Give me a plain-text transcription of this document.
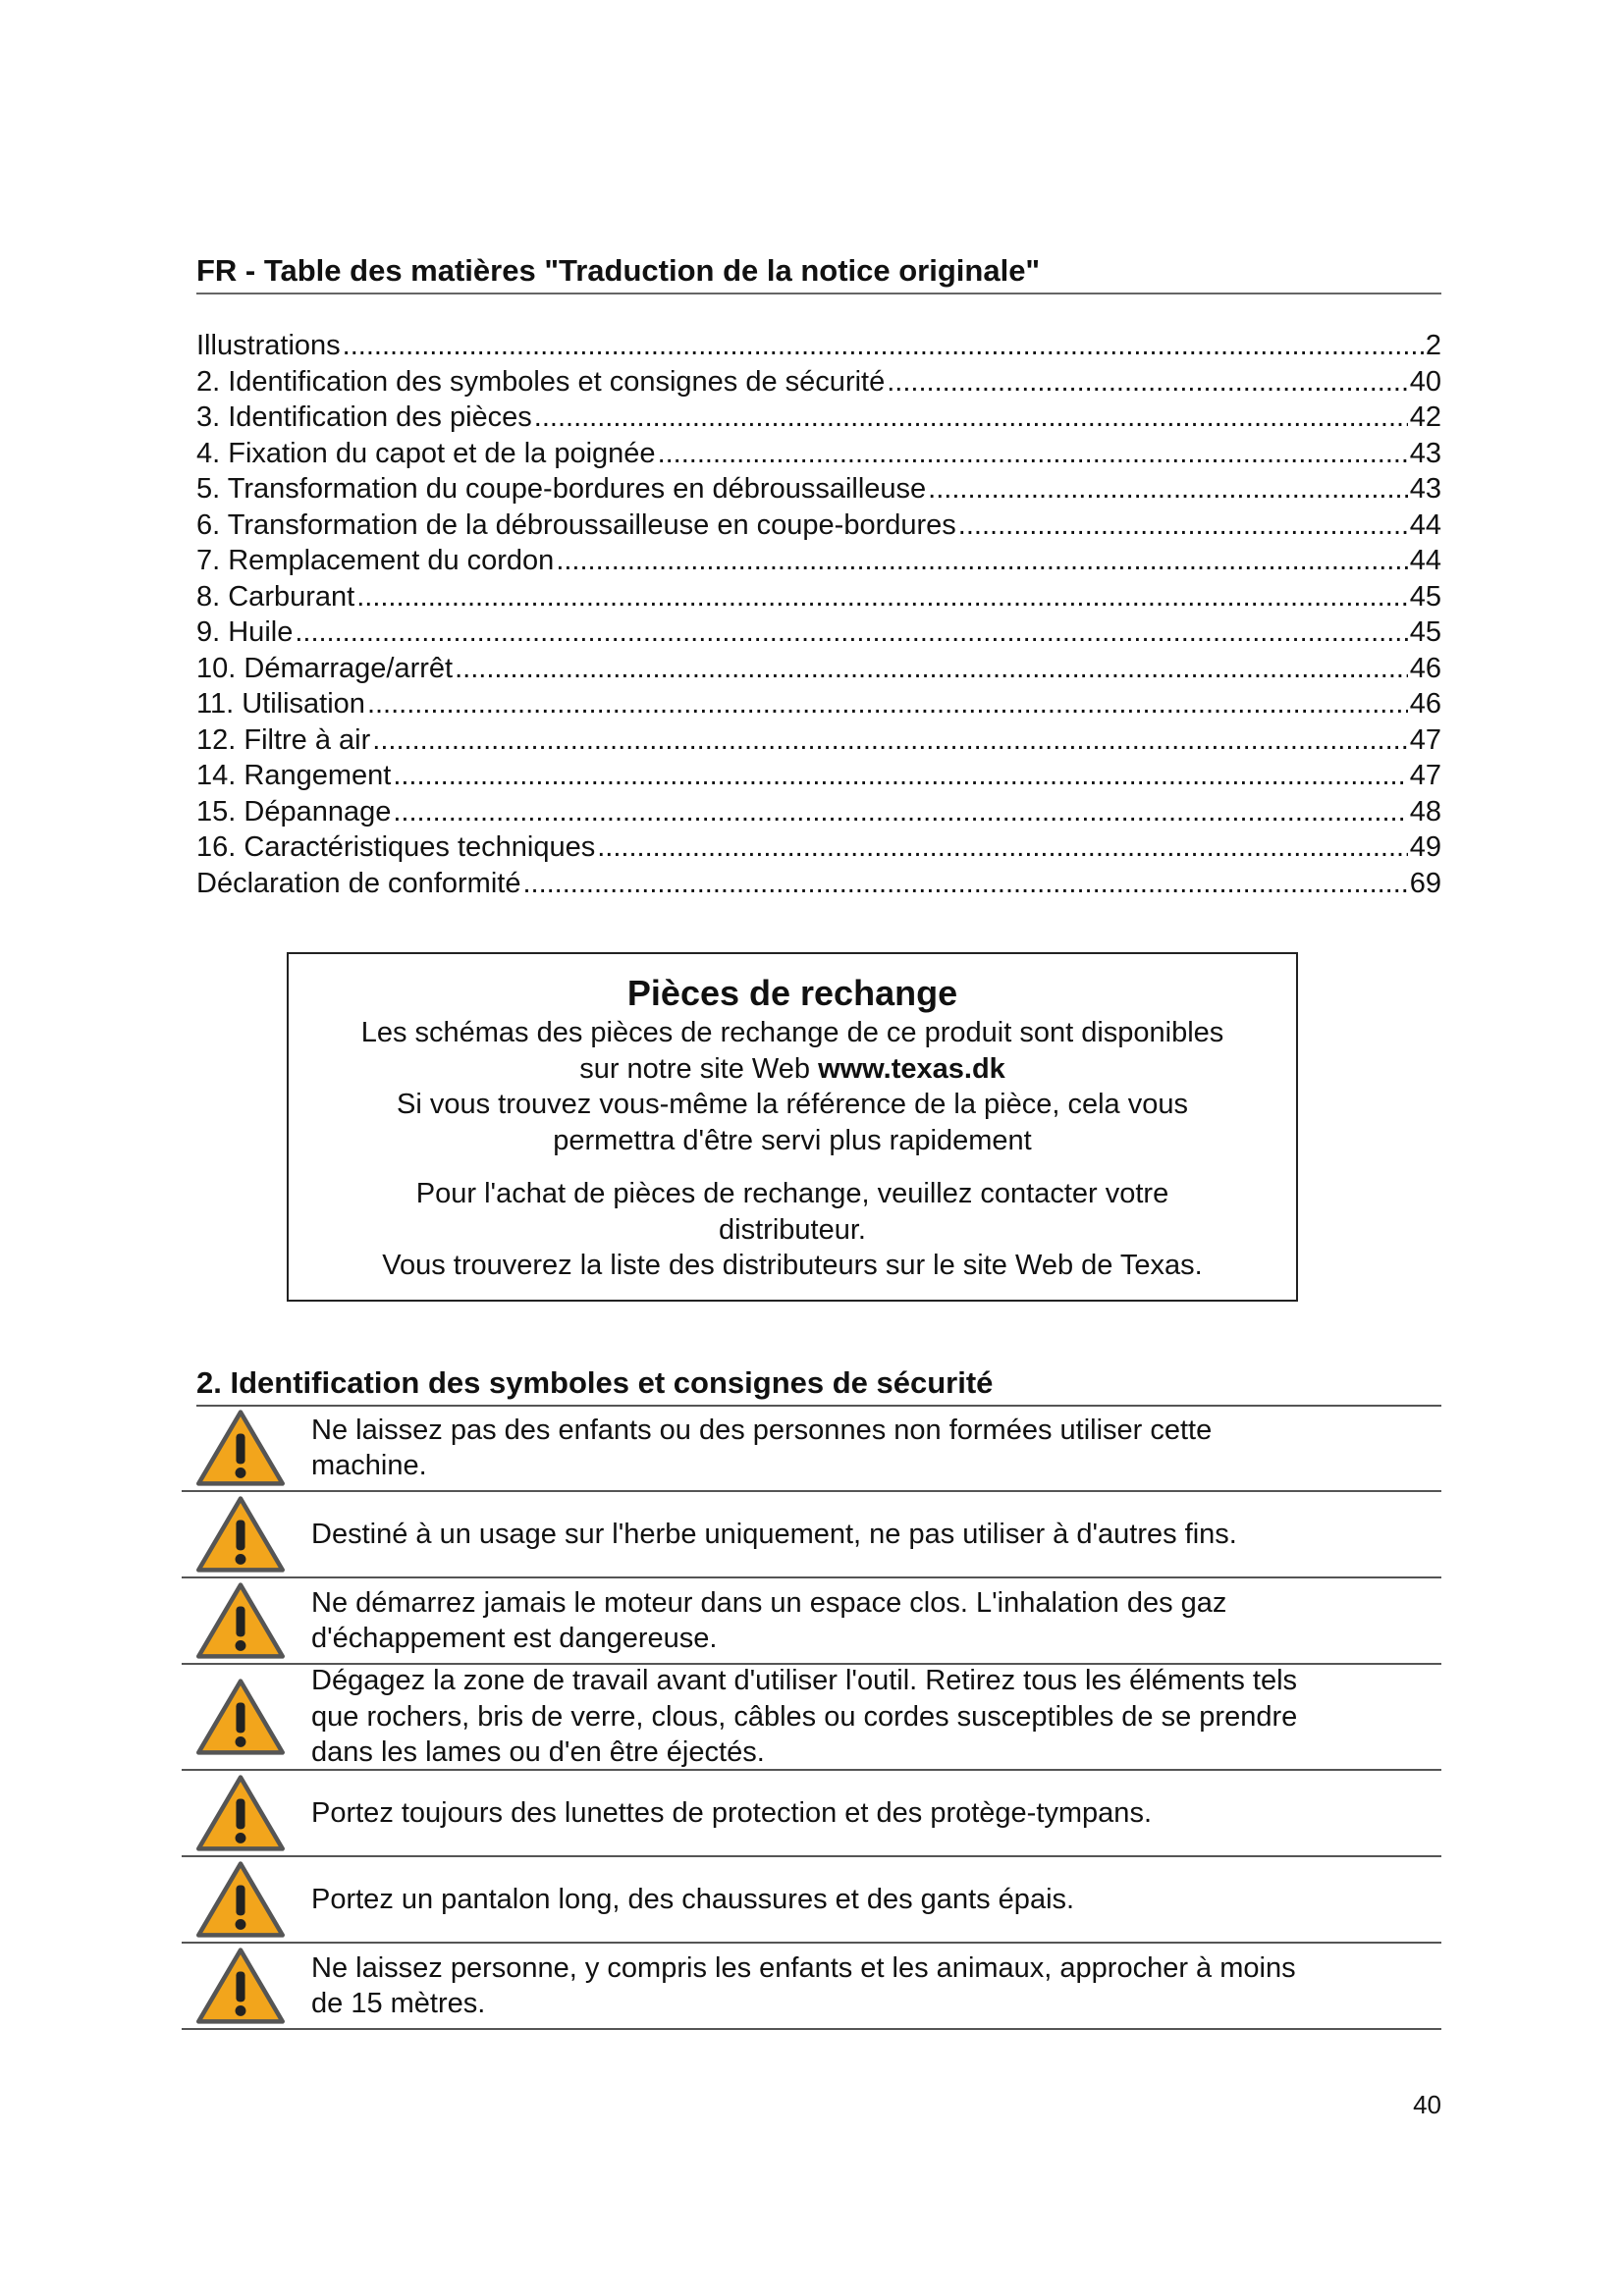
FR - Table des matières "Traduction de la notice originale"
Illustrations .....	2
2. Identification des symboles et consignes de sécurité .....	40
3. Identification des pièces .....	42
4. Fixation du capot et de la poignée .....	43
5. Transformation du coupe-bordures en débroussailleuse .....	43
6. Transformation de la débroussailleuse en coupe-bordures .....	44
7. Remplacement du cordon .....	44
8. Carburant .....	45
9. Huile .....	45
10. Démarrage/arrêt .....	46
11. Utilisation .....	46
12. Filtre à air .....	47
14. Rangement .....	47
15. Dépannage .....	48
16. Caractéristiques techniques .....	49
Déclaration de conformité .....	69
Pièces de rechange
Les schémas des pièces de rechange de ce produit sont disponibles
sur notre site Web www.texas.dk
Si vous trouvez vous-même la référence de la pièce, cela vous
permettra d'être servi plus rapidement
Pour l'achat de pièces de rechange, veuillez contacter votre
distributeur.
Vous trouverez la liste des distributeurs sur le site Web de Texas.
2. Identification des symboles et consignes de sécurité
Ne laissez pas des enfants ou des personnes non formées utiliser cette
machine.
Destiné à un usage sur l'herbe uniquement, ne pas utiliser à d'autres fins.
Ne démarrez jamais le moteur dans un espace clos. L'inhalation des gaz
d'échappement est dangereuse.
Dégagez la zone de travail avant d'utiliser l'outil. Retirez tous les éléments tels
que rochers, bris de verre, clous, câbles ou cordes susceptibles de se prendre
dans les lames ou d'en être éjectés.
Portez toujours des lunettes de protection et des protège-tympans.
Portez un pantalon long, des chaussures et des gants épais.
Ne laissez personne, y compris les enfants et les animaux, approcher à moins
de 15 mètres.
40
